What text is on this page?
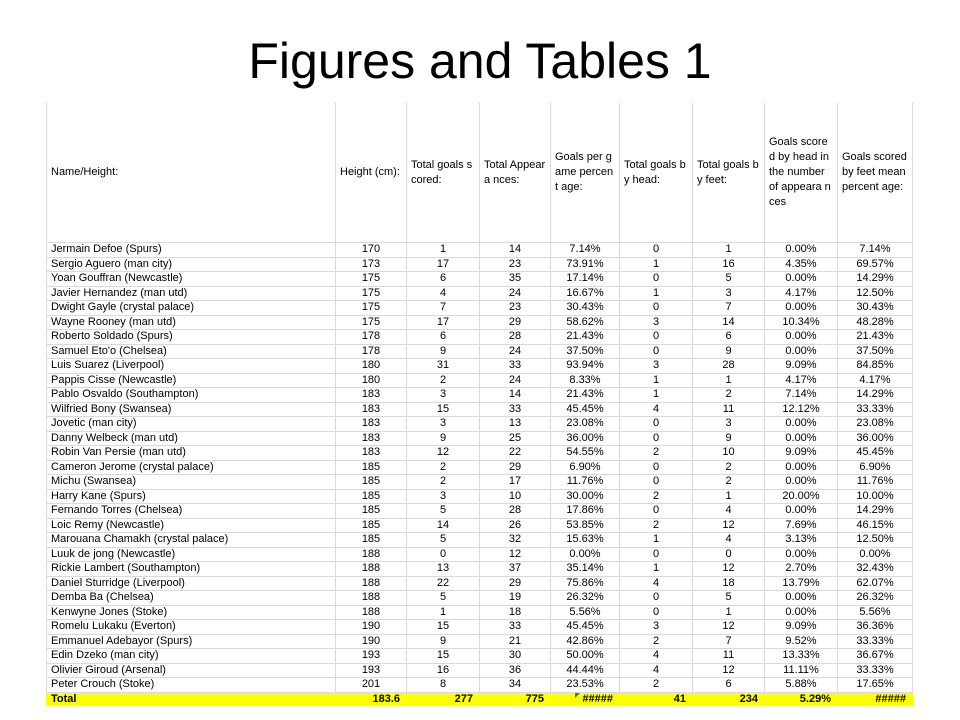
Figures and Tables 1
Name/Height:	Height (cm):	Total goals scored:	Total Appeara nces:	Goals per game percent age:	Total goals by head:	Total goals by feet:	Goals scored by head in the number of appeara nces	Goals scored by feet mean percent age:
Jermain Defoe (Spurs)	170	1	14	7.14%	0	1	0.00%	7.14%
Sergio Aguero (man city)	173	17	23	73.91%	1	16	4.35%	69.57%
Yoan Gouffran (Newcastle)	175	6	35	17.14%	0	5	0.00%	14.29%
Javier Hernandez (man utd)	175	4	24	16.67%	1	3	4.17%	12.50%
Dwight Gayle (crystal palace)	175	7	23	30.43%	0	7	0.00%	30.43%
Wayne Rooney (man utd)	175	17	29	58.62%	3	14	10.34%	48.28%
Roberto Soldado (Spurs)	178	6	28	21.43%	0	6	0.00%	21.43%
Samuel Eto'o (Chelsea)	178	9	24	37.50%	0	9	0.00%	37.50%
Luis Suarez (Liverpool)	180	31	33	93.94%	3	28	9.09%	84.85%
Pappis Cisse (Newcastle)	180	2	24	8.33%	1	1	4.17%	4.17%
Pablo Osvaldo (Southampton)	183	3	14	21.43%	1	2	7.14%	14.29%
Wilfried Bony (Swansea)	183	15	33	45.45%	4	11	12.12%	33.33%
Jovetic (man city)	183	3	13	23.08%	0	3	0.00%	23.08%
Danny Welbeck (man utd)	183	9	25	36.00%	0	9	0.00%	36.00%
Robin Van Persie (man utd)	183	12	22	54.55%	2	10	9.09%	45.45%
Cameron Jerome (crystal palace)	185	2	29	6.90%	0	2	0.00%	6.90%
Michu (Swansea)	185	2	17	11.76%	0	2	0.00%	11.76%
Harry Kane (Spurs)	185	3	10	30.00%	2	1	20.00%	10.00%
Fernando Torres (Chelsea)	185	5	28	17.86%	0	4	0.00%	14.29%
Loic Remy (Newcastle)	185	14	26	53.85%	2	12	7.69%	46.15%
Marouana Chamakh (crystal palace)	185	5	32	15.63%	1	4	3.13%	12.50%
Luuk de jong (Newcastle)	188	0	12	0.00%	0	0	0.00%	0.00%
Rickie Lambert (Southampton)	188	13	37	35.14%	1	12	2.70%	32.43%
Daniel Sturridge (Liverpool)	188	22	29	75.86%	4	18	13.79%	62.07%
Demba Ba (Chelsea)	188	5	19	26.32%	0	5	0.00%	26.32%
Kenwyne Jones (Stoke)	188	1	18	5.56%	0	1	0.00%	5.56%
Romelu Lukaku (Everton)	190	15	33	45.45%	3	12	9.09%	36.36%
Emmanuel Adebayor (Spurs)	190	9	21	42.86%	2	7	9.52%	33.33%
Edin Dzeko (man city)	193	15	30	50.00%	4	11	13.33%	36.67%
Olivier Giroud (Arsenal)	193	16	36	44.44%	4	12	11.11%	33.33%
Peter Crouch (Stoke)	201	8	34	23.53%	2	6	5.88%	17.65%
Total	183.6	277	775	#####	41	234	5.29%	#####
